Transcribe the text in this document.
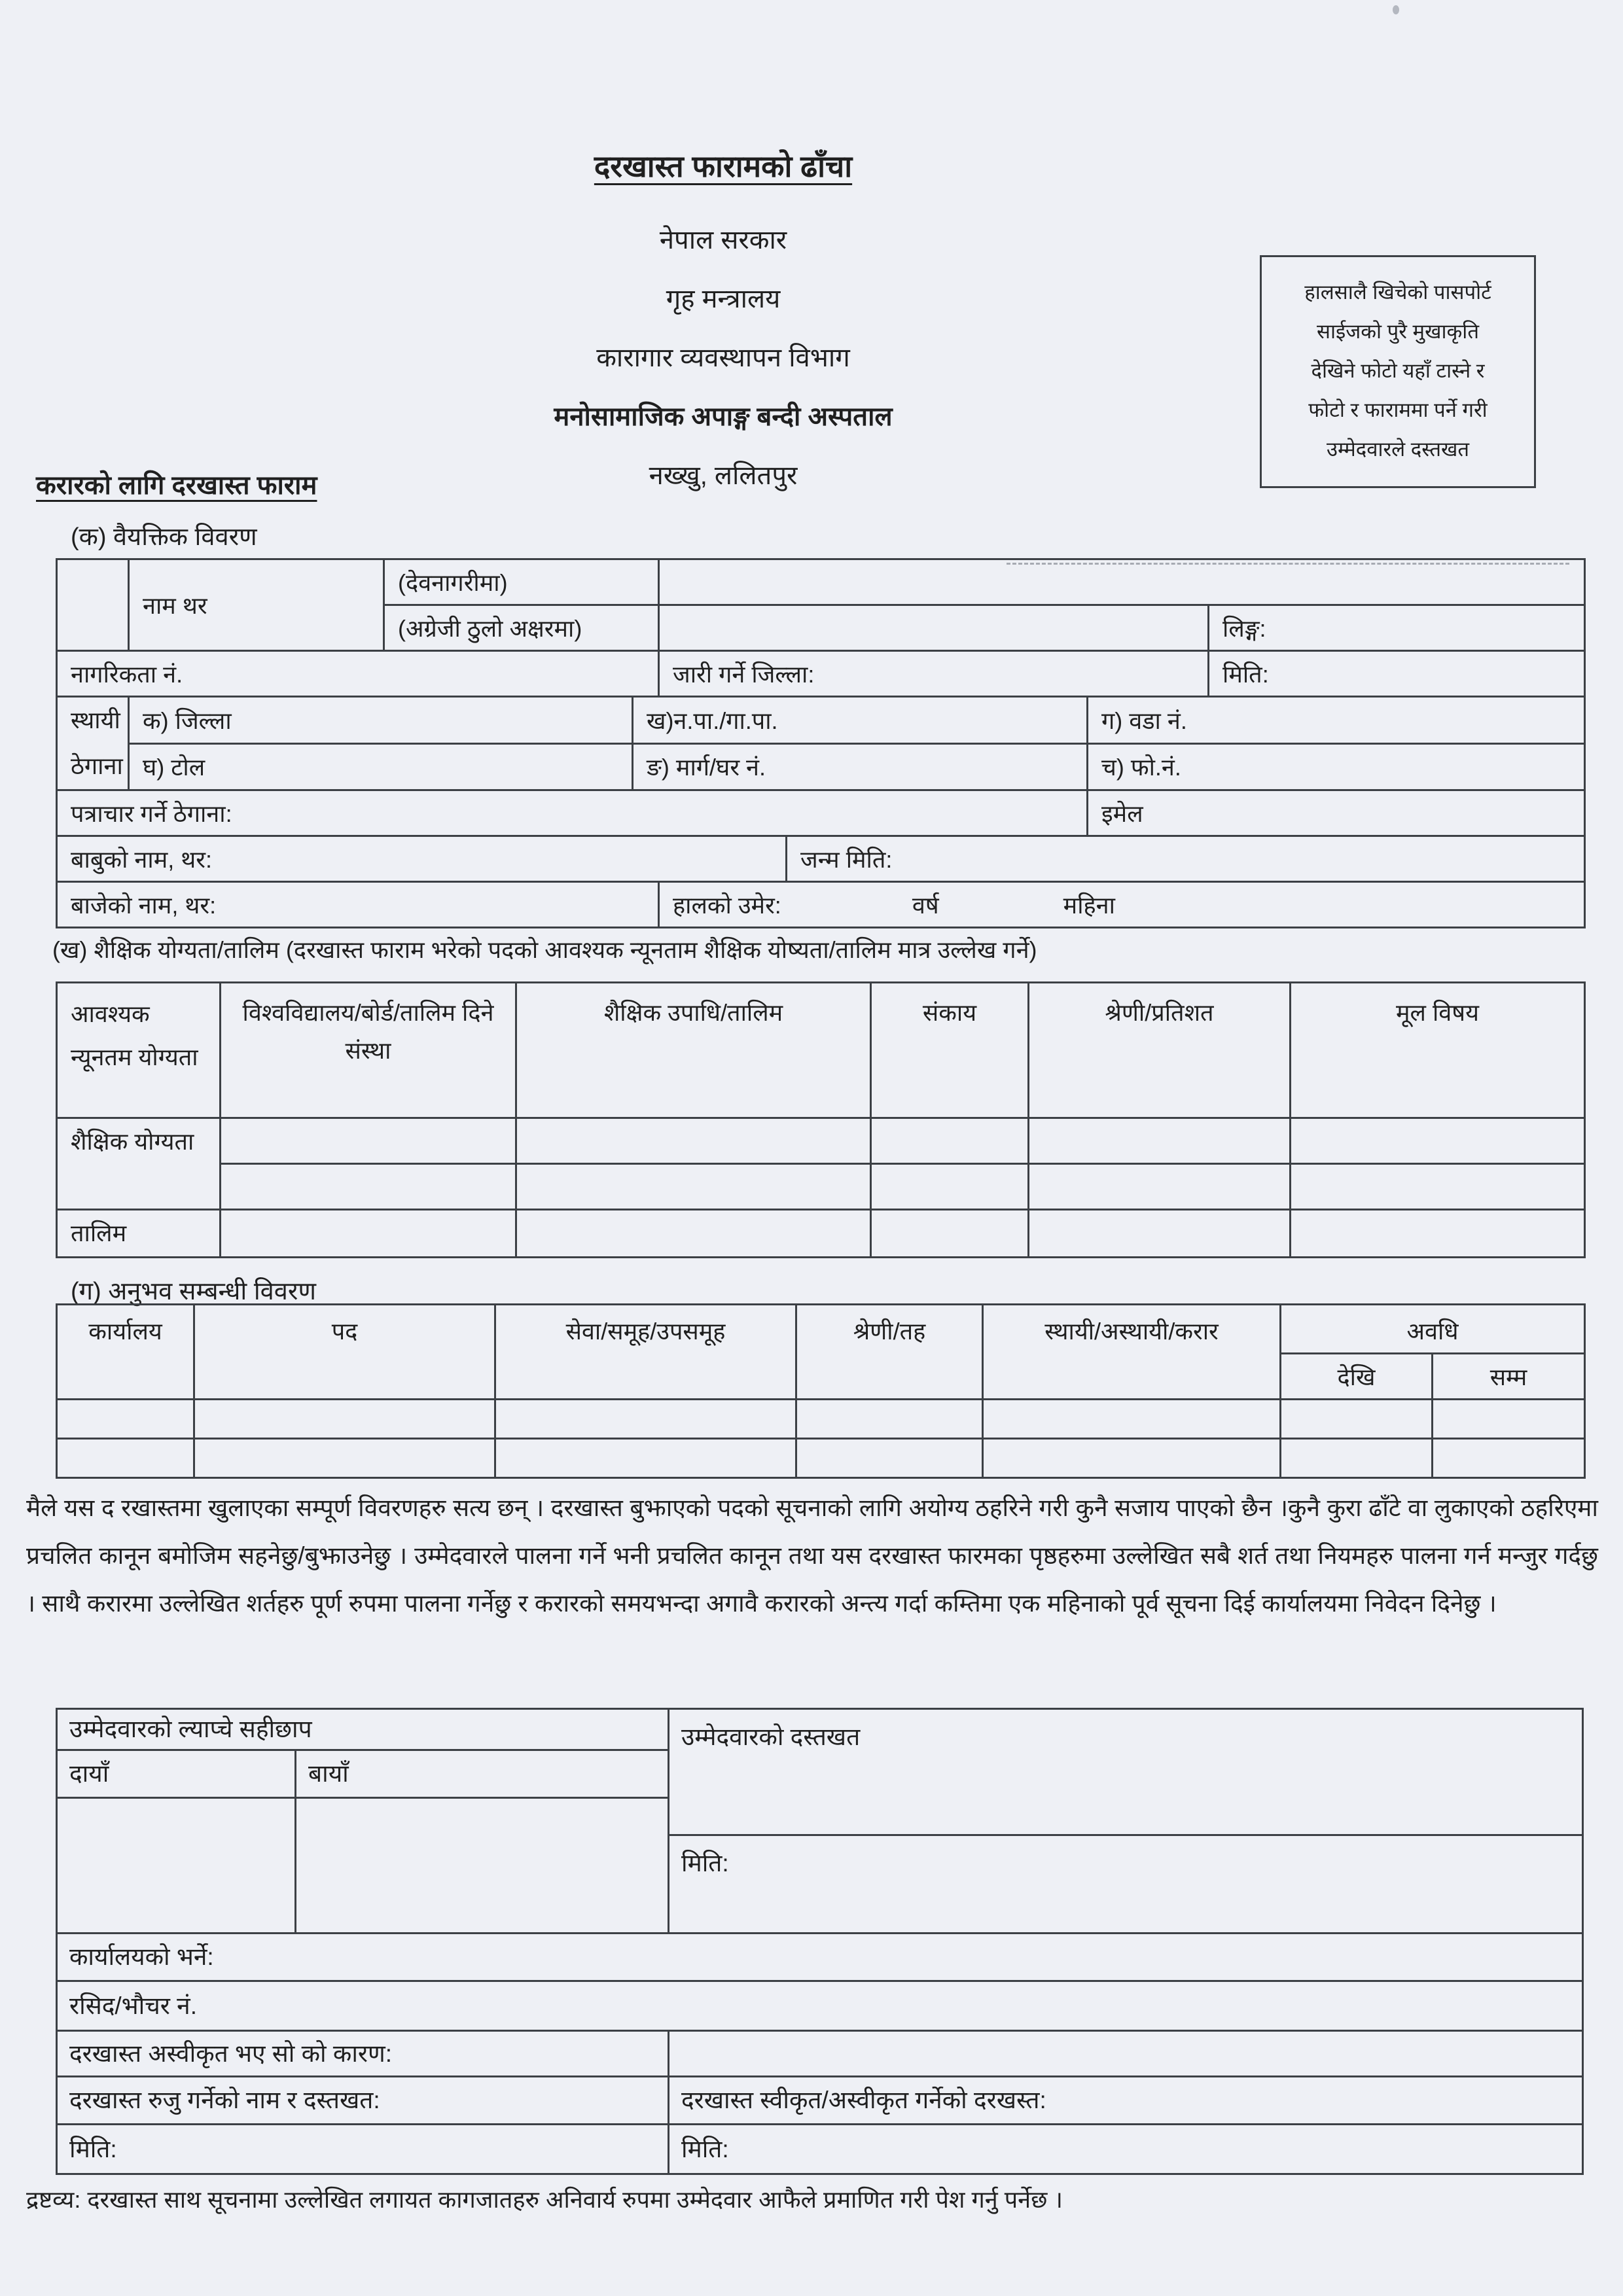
दरखास्त फारामको ढाँचा
नेपाल सरकार
गृह मन्त्रालय
कारागार व्यवस्थापन विभाग
मनोसामाजिक अपाङ्ग बन्दी अस्पताल
नख्खु, ललितपुर
हालसालै खिचेको पासपोर्ट
साईजको पुरै मुखाकृति
देखिने फोटो यहाँ टास्ने र
फोटो र फाराममा पर्ने गरी
उम्मेदवारले दस्तखत
करारको लागि दरखास्त फाराम
(क) वैयक्तिक विवरण
	नाम थर	(देवनागरीमा)					

		(अग्रेजी ठुलो अक्षरमा)					लिङ्ग:
नागरिकता नं.				जारी गर्ने जिल्ला:			मिति:

स्थायी
ठेगाना	क) जिल्ला		ख)न.पा./गा.पा.			ग) वडा नं.	
	घ) टोल		ङ) मार्ग/घर नं.			च) फो.नं.	
पत्राचार गर्ने ठेगाना:						इमेल	
बाबुको नाम, थर:					जन्म मिति:		
बाजेको नाम, थर:				हालको उमेर: वर्ष महिना			
(ख) शैक्षिक योग्यता/तालिम (दरखास्त फाराम भरेको पदको आवश्यक न्यूनताम शैक्षिक योष्यता/तालिम मात्र उल्लेख गर्ने)
आवश्यक न्यूनतम योग्यता	विश्वविद्यालय/बोर्ड/तालिम दिने संस्था	शैक्षिक उपाधि/तालिम	संकाय	श्रेणी/प्रतिशत	मूल विषय
शैक्षिक योग्यता					

तालिम					
(ग) अनुभव सम्बन्धी विवरण
कार्यालय	पद	सेवा/समूह/उपसमूह	श्रेणी/तह	स्थायी/अस्थायी/करार	अवधि	
					देखि	सम्म

मैले यस द रखास्तमा खुलाएका सम्पूर्ण विवरणहरु सत्य छन् । दरखास्त बुझाएको पदको सूचनाको लागि अयोग्य ठहरिने गरी कुनै सजाय पाएको छैन ।कुनै कुरा ढाँटे वा लुकाएको ठहरिएमा प्रचलित कानून बमोजिम सहनेछु/बुझाउनेछु । उम्मेदवारले पालना गर्ने भनी प्रचलित कानून तथा यस दरखास्त फारमका पृष्ठहरुमा उल्लेखित सबै शर्त तथा नियमहरु पालना गर्न मन्जुर गर्दछु । साथै करारमा उल्लेखित शर्तहरु पूर्ण रुपमा पालना गर्नेछु र करारको समयभन्दा अगावै करारको अन्त्य गर्दा कम्तिमा एक महिनाको पूर्व सूचना दिई कार्यालयमा निवेदन दिनेछु ।

उम्मेदवारको ल्याप्चे सहीछाप
दायाँ	बायाँ
उम्मेदवारको दस्तखत
मिति:
कार्यालयको भर्ने:
रसिद/भौचर नं.
दरखास्त अस्वीकृत भए सो को कारण:
दरखास्त रुजु गर्नेको नाम र दस्तखत:	दरखास्त स्वीकृत/अस्वीकृत गर्नेको दरखस्त:
मिति:	मिति:
द्रष्टव्य: दरखास्त साथ सूचनामा उल्लेखित लगायत कागजातहरु अनिवार्य रुपमा उम्मेदवार आफैले प्रमाणित गरी पेश गर्नु पर्नेछ ।
